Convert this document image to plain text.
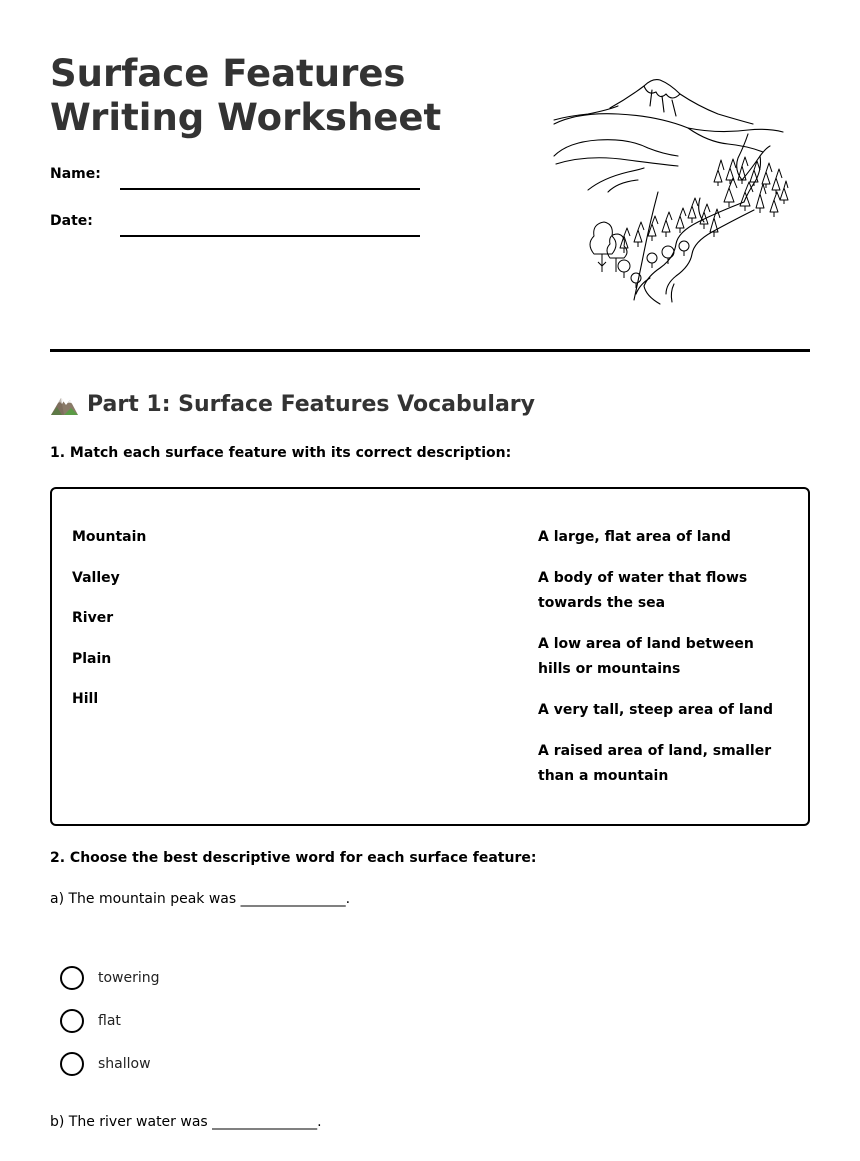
Surface Features
Writing Worksheet
Name:
Date:
Part 1: Surface Features Vocabulary
1. Match each surface feature with its correct description:
Mountain
Valley
River
Plain
Hill
A large, flat area of land
A body of water that flows towards the sea
A low area of land between hills or mountains
A very tall, steep area of land
A raised area of land, smaller than a mountain
2. Choose the best descriptive word for each surface feature:
a) The mountain peak was _______________.
towering
flat
shallow
b) The river water was _______________.
